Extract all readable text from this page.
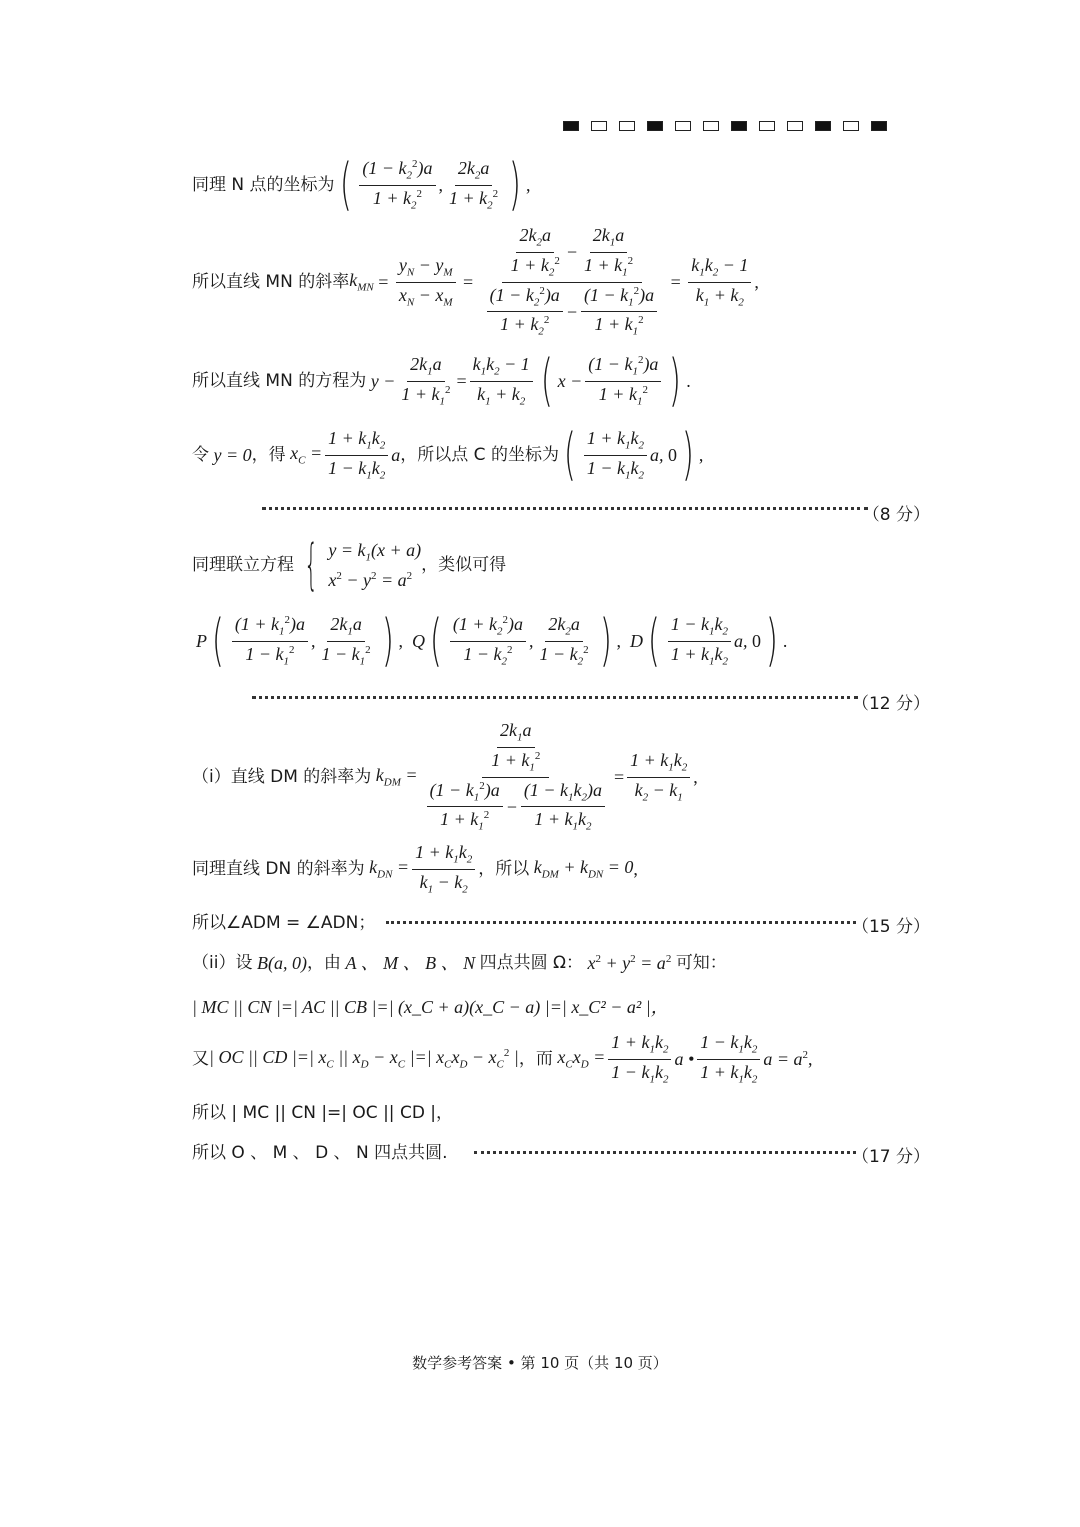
同理 N 点的坐标为 ( $\frac{(1 - k_2^2)a}{1 + k_2^2}$ , $\frac{2k_2a}{1 + k_2^2}$ ) ,
所以直线 MN 的斜率 $k_{MN} = \frac{y_N - y_M}{x_N - x_M} = \frac{\frac{2k_2a}{1 + k_2^2} - \frac{2k_1a}{1 + k_1^2}}{\frac{(1 - k_2^2)a}{1 + k_2^2} - \frac{(1 - k_1^2)a}{1 + k_1^2}} = \frac{k_1k_2 - 1}{k_1 + k_2}$ ,
所以直线 MN 的方程为 $y - \frac{2k_1a}{1 + k_1^2} = \frac{k_1k_2 - 1}{k_1 + k_2}$ ( $x - \frac{(1 - k_1^2)a}{1 + k_1^2}$ ) .
令 y = 0 ，得 $x_C = \frac{1 + k_1k_2}{1 - k_1k_2}$ a ，所以点 C 的坐标为 ( $\frac{1 + k_1k_2}{1 - k_1k_2} a$, 0 ) ,
（8 分）
同理联立方程 { $y = k_1(x + a)$
$x^2 - y^2 = a^2$
，类似可得
P ( $\frac{(1 + k_1^2)a}{1 - k_1^2}$ , $\frac{2k_1a}{1 - k_1^2}$ ) , Q ( $\frac{(1 + k_2^2)a}{1 - k_2^2}$ , $\frac{2k_2a}{1 - k_2^2}$ ) , D ( $\frac{1 - k_1k_2}{1 + k_1k_2} a$, 0 ) .
（12 分）
（i）直线 DM 的斜率为 $k_{DM} = \frac{\frac{2k_1a}{1 + k_1^2}}{\frac{(1 - k_1^2)a}{1 + k_1^2} - \frac{(1 - k_1k_2)a}{1 + k_1k_2}} = \frac{1 + k_1k_2}{k_2 - k_1}$ ,
同理直线 DN 的斜率为 $k_{DN} = \frac{1 + k_1k_2}{k_1 - k_2}$ ，所以 $k_{DM} + k_{DN} = 0$ ,
所以∠ADM = ∠ADN；	（15 分）
（ii）设 B(a, 0) ，由 A 、 M 、 B 、 N 四点共圆 Ω： $x^2 + y^2 = a^2$ 可知：
| MC || CN |=| AC || CB |=| (x_C + a)(x_C − a) |=| x_C² − a² |，
又 | OC || CD |=| $x_C$ || $x_D - x_C$ |=| $x_Cx_D - x_C^2$ | ，而 $x_Cx_D = \frac{1 + k_1k_2}{1 - k_1k_2}$ a • $\frac{1 - k_1k_2}{1 + k_1k_2}$ $a = a^2$ ,
所以 | MC || CN |=| OC || CD |，
所以 O 、 M 、 D 、 N 四点共圆.	（17 分）
数学参考答案 • 第 10 页（共 10 页）
